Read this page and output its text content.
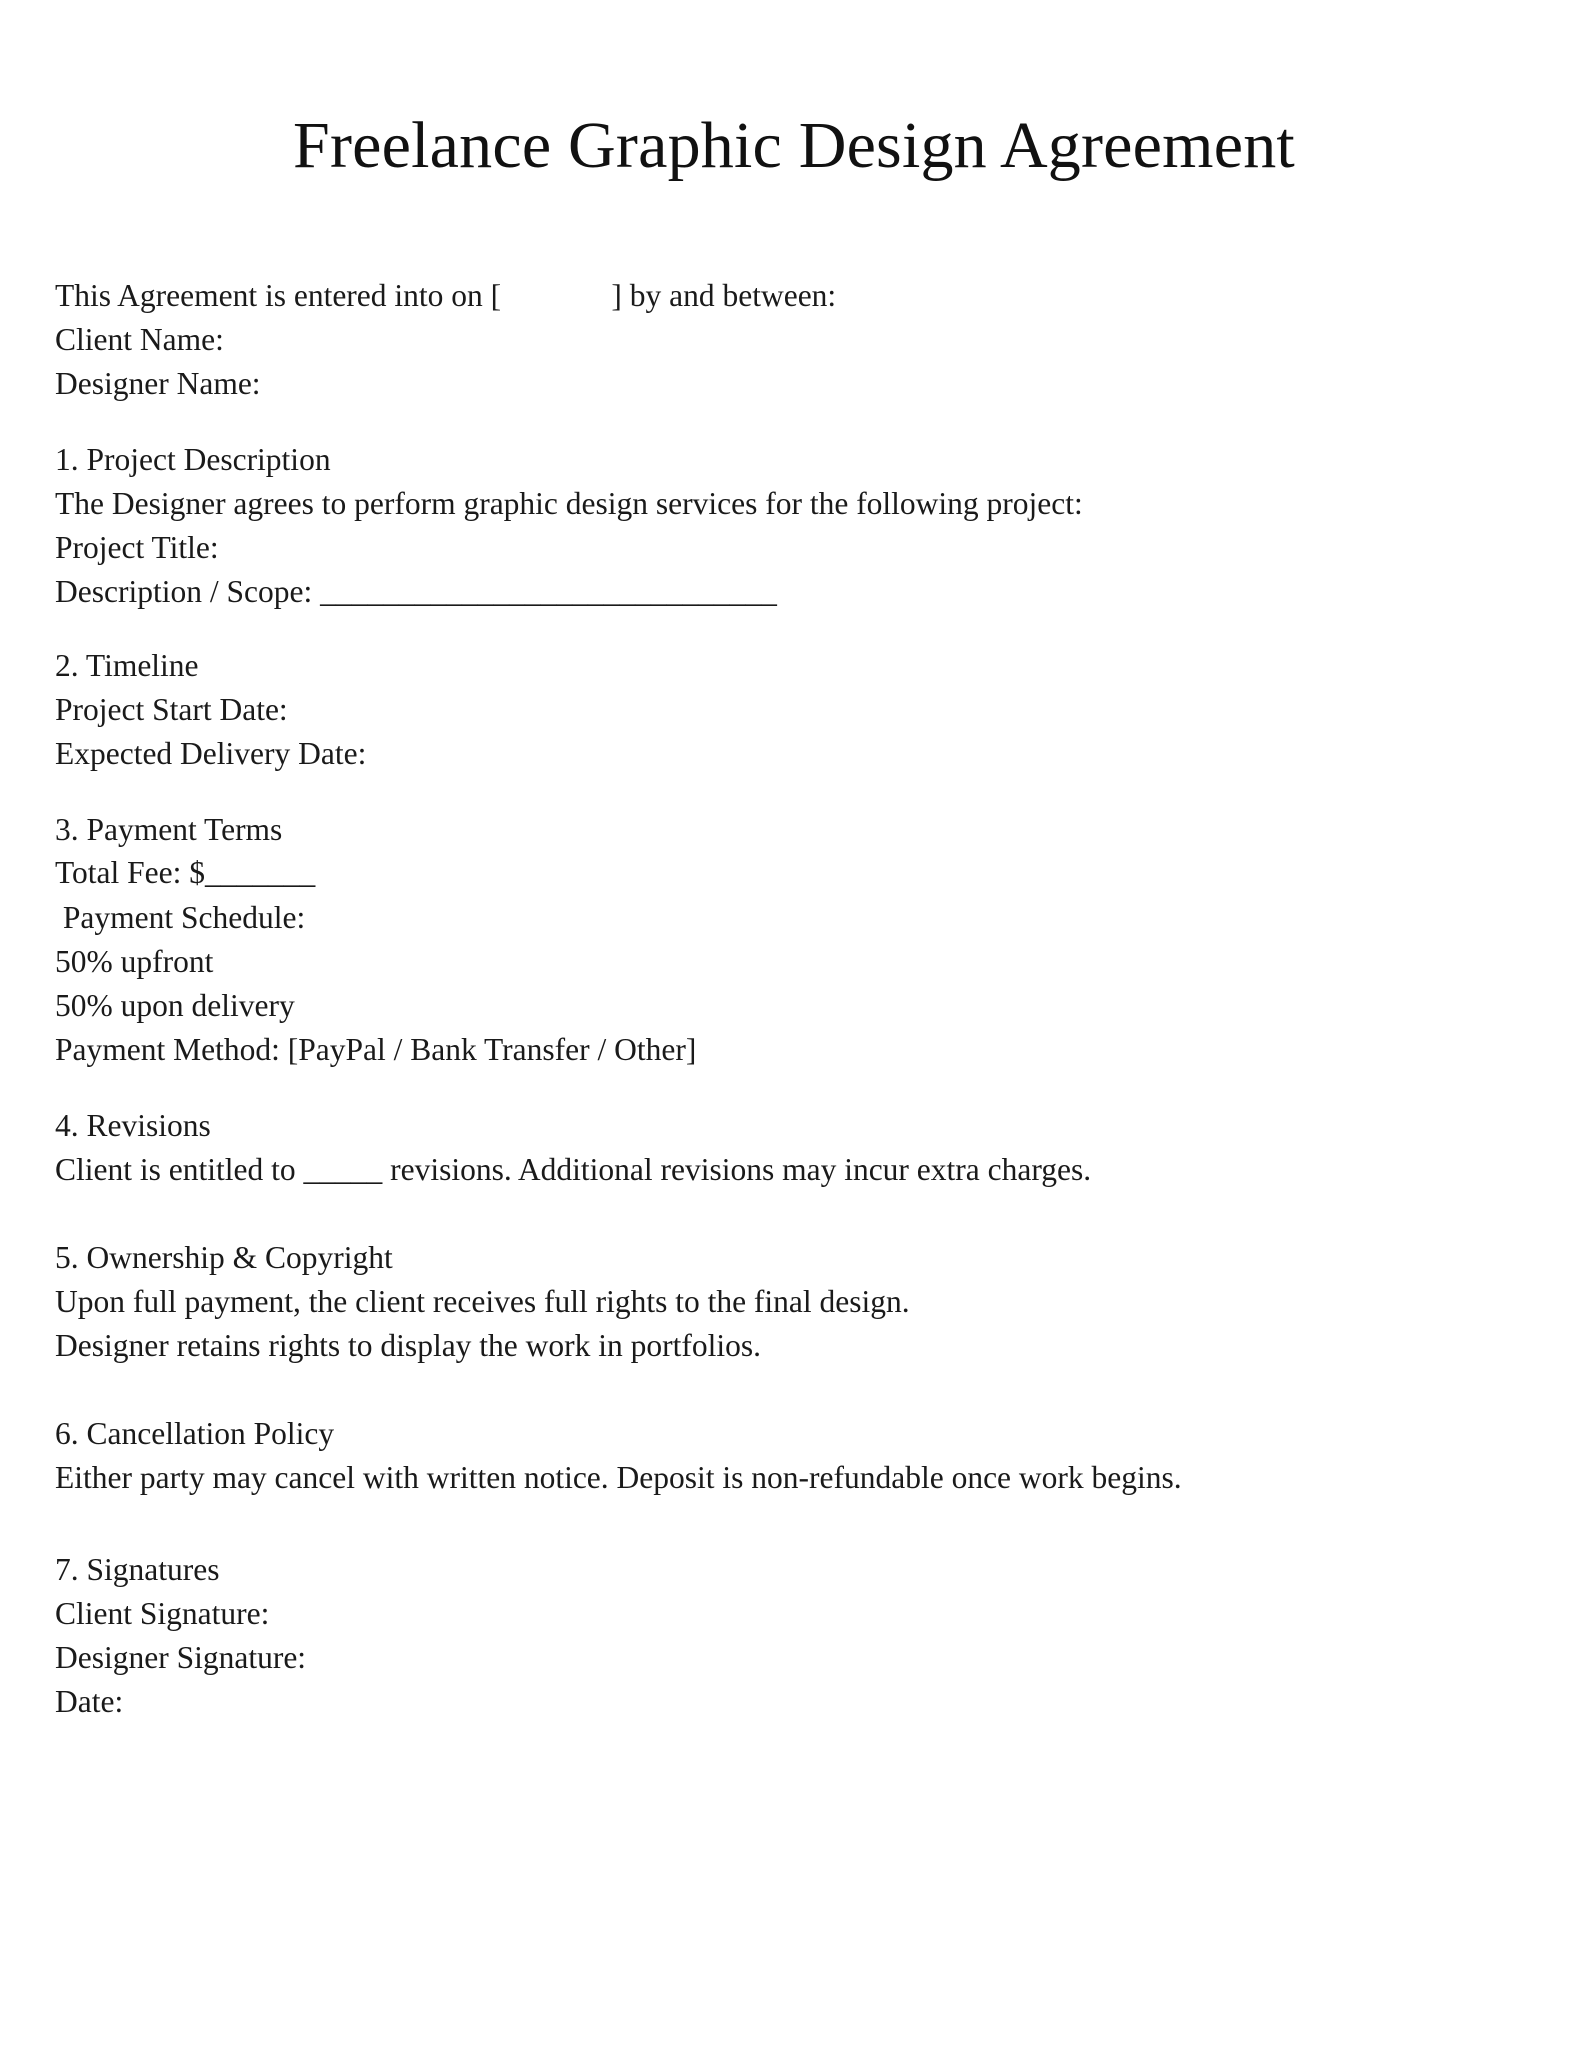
Freelance Graphic Design Agreement
This Agreement is entered into on [              ] by and between:
Client Name:
Designer Name:
1. Project Description
The Designer agrees to perform graphic design services for the following project:
Project Title:
Description / Scope: _____________________________
2. Timeline
Project Start Date:
Expected Delivery Date:
3. Payment Terms
Total Fee: $_______
Payment Schedule:
50% upfront
50% upon delivery
Payment Method: [PayPal / Bank Transfer / Other]
4. Revisions
Client is entitled to _____ revisions. Additional revisions may incur extra charges.
5. Ownership & Copyright
Upon full payment, the client receives full rights to the final design.
Designer retains rights to display the work in portfolios.
6. Cancellation Policy
Either party may cancel with written notice. Deposit is non-refundable once work begins.
7. Signatures
Client Signature:
Designer Signature:
Date:
